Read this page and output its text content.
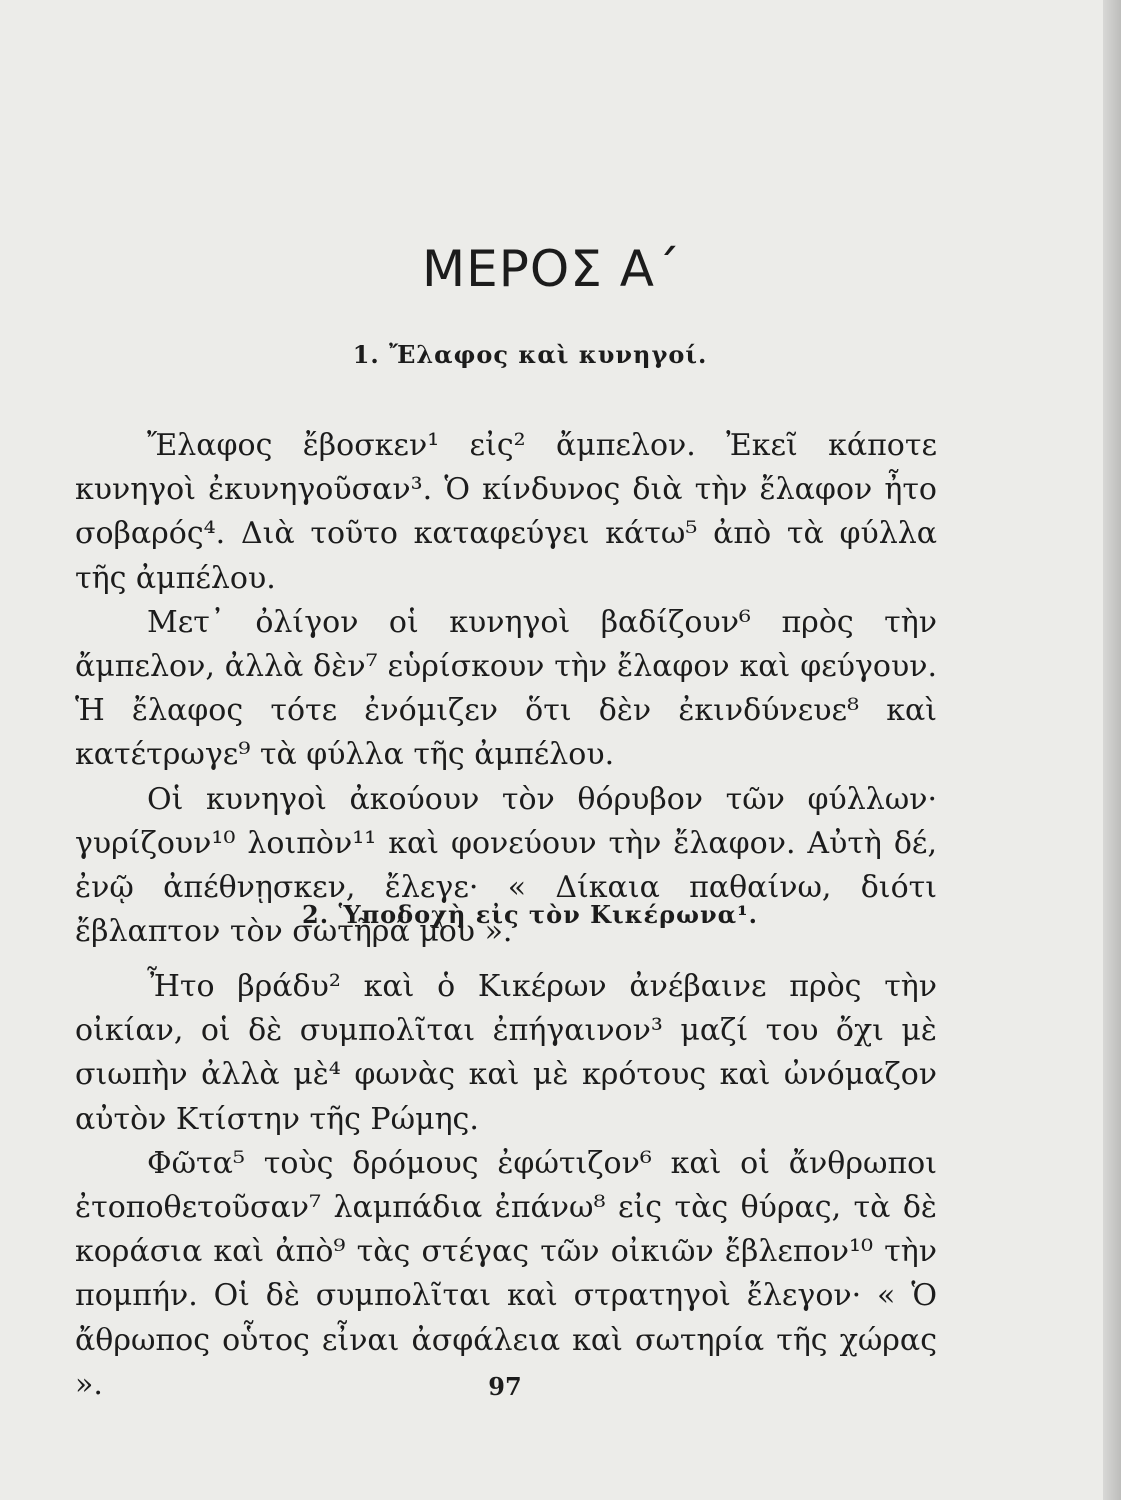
ΜΕΡΟΣ Α΄
1. Ἔλαφος καὶ κυνηγοί.

Ἔλαφος ἔβοσκεν¹ εἰς² ἄμπελον. Ἐκεῖ κάποτε κυνηγοὶ ἐκυνηγοῦσαν³. Ὁ κίνδυνος διὰ τὴν ἔλαφον ἦτο σοβαρός⁴. Διὰ τοῦτο καταφεύγει κάτω⁵ ἀπὸ τὰ φύλλα τῆς ἀμπέλου.

Μετ᾿ ὀλίγον οἱ κυνηγοὶ βαδίζουν⁶ πρὸς τὴν ἄμπελον, ἀλλὰ δὲν⁷ εὑρίσκουν τὴν ἔλαφον καὶ φεύγουν. Ἡ ἔλαφος τότε ἐνόμιζεν ὅτι δὲν ἐκινδύνευε⁸ καὶ κατέτρωγε⁹ τὰ φύλλα τῆς ἀμπέλου.

Οἱ κυνηγοὶ ἀκούουν τὸν θόρυβον τῶν φύλλων· γυρίζουν¹⁰ λοιπὸν¹¹ καὶ φονεύουν τὴν ἔλαφον. Αὐτὴ δέ, ἐνῷ ἀπέθνῃσκεν, ἔλεγε· « Δίκαια παθαίνω, διότι ἔβλαπτον τὸν σωτῆρά μου ».

2. Ὑποδοχὴ εἰς τὸν Κικέρωνα¹.

Ἦτο βράδυ² καὶ ὁ Κικέρων ἀνέβαινε πρὸς τὴν οἰκίαν, οἱ δὲ συμπολῖται ἐπήγαινον³ μαζί του ὄχι μὲ σιωπὴν ἀλλὰ μὲ⁴ φωνὰς καὶ μὲ κρότους καὶ ὠνόμαζον αὐτὸν Κτίστην τῆς Ρώμης.

Φῶτα⁵ τοὺς δρόμους ἐφώτιζον⁶ καὶ οἱ ἄνθρωποι ἐτοποθετοῦσαν⁷ λαμπάδια ἐπάνω⁸ εἰς τὰς θύρας, τὰ δὲ κοράσια καὶ ἀπὸ⁹ τὰς στέγας τῶν οἰκιῶν ἔβλεπον¹⁰ τὴν πομπήν. Οἱ δὲ συμπολῖται καὶ στρατηγοὶ ἔλεγον· « Ὁ ἄθρωπος οὗτος εἶναι ἀσφάλεια καὶ σωτηρία τῆς χώρας ».	97
